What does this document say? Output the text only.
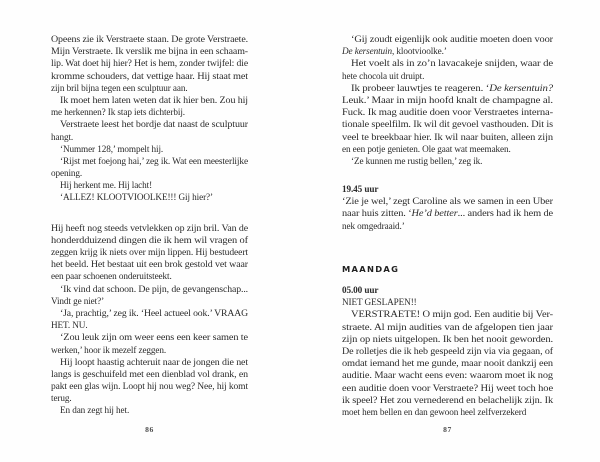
Opeens zie ik Verstraete staan. De grote Verstraete.
Mijn Verstraete. Ik verslik me bijna in een schaam-
lip. Wat doet hij hier? Het is hem, zonder twijfel: die
kromme schouders, dat vettige haar. Hij staat met
zijn bril bijna tegen een sculptuur aan.
Ik moet hem laten weten dat ik hier ben. Zou hij
me herkennen? Ik stap iets dichterbij.
Verstraete leest het bordje dat naast de sculptuur
hangt.
‘Nummer 128,’ mompelt hij.
‘Rijst met foejong hai,’ zeg ik. Wat een meesterlijke
opening.
Hij herkent me. Hij lacht!
‘ALLEZ! KLOOTVIOOLKE!!! Gij hier?’
Hij heeft nog steeds vetvlekken op zijn bril. Van de
honderdduizend dingen die ik hem wil vragen of
zeggen krijg ik niets over mijn lippen. Hij bestudeert
het beeld. Het bestaat uit een brok gestold vet waar
een paar schoenen onderuitsteekt.
‘Ik vind dat schoon. De pijn, de gevangenschap...
Vindt ge niet?’
‘Ja, prachtig,’ zeg ik. ‘Heel actueel ook.’ VRAAG
HET. NU.
‘Zou leuk zijn om weer eens een keer samen te
werken,’ hoor ik mezelf zeggen.
Hij loopt haastig achteruit naar de jongen die net
langs is geschuifeld met een dienblad vol drank, en
pakt een glas wijn. Loopt hij nou weg? Nee, hij komt
terug.
En dan zegt hij het.
‘Gij zoudt eigenlijk ook auditie moeten doen voor
De kersentuin, klootvioolke.’
Het voelt als in zo’n lavacakeje snijden, waar de
hete chocola uit druipt.
Ik probeer lauwtjes te reageren. ‘De kersentuin?
Leuk.’ Maar in mijn hoofd knalt de champagne al.
Fuck. Ik mag auditie doen voor Verstraetes interna-
tionale speelfilm. Ik wil dit gevoel vasthouden. Dit is
veel te breekbaar hier. Ik wil naar buiten, alleen zijn
en een potje genieten. Ole gaat wat meemaken.
‘Ze kunnen me rustig bellen,’ zeg ik.
19.45 uur
‘Zie je wel,’ zegt Caroline als we samen in een Uber
naar huis zitten. ‘He’d better... anders had ik hem de
nek omgedraaid.’
MAANDAG
05.00 uur
NIET GESLAPEN!!
VERSTRAETE! O mijn god. Een auditie bij Ver-
straete. Al mijn audities van de afgelopen tien jaar
zijn op niets uitgelopen. Ik ben het nooit geworden.
De rolletjes die ik heb gespeeld zijn via via gegaan, of
omdat iemand het me gunde, maar nooit dankzij een
auditie. Maar wacht eens even: waarom moet ik nog
een auditie doen voor Verstraete? Hij weet toch hoe
ik speel? Het zou vernederend en belachelijk zijn. Ik
moet hem bellen en dan gewoon heel zelfverzekerd
86	87
